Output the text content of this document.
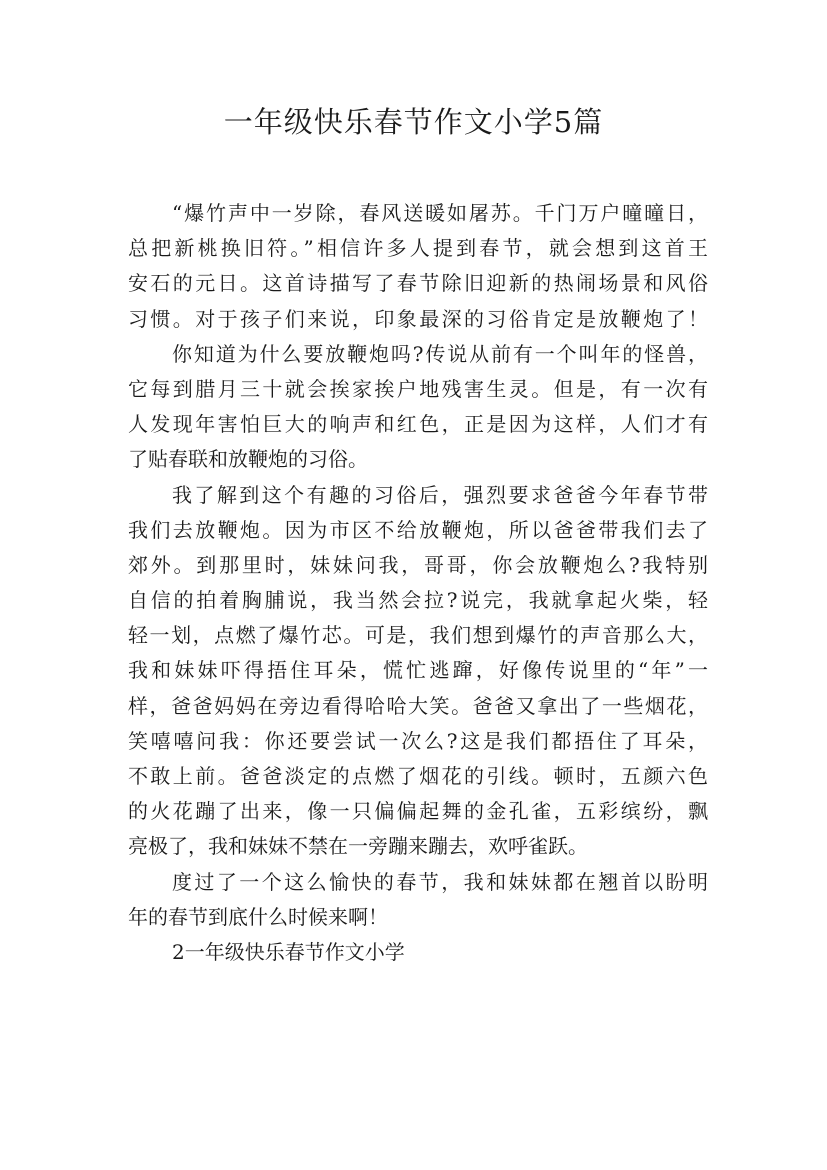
一年级快乐春节作文小学5篇
“爆竹声中一岁除，春风送暖如屠苏。千门万户曈曈日，
总把新桃换旧符。”相信许多人提到春节，就会想到这首王
安石的元日。这首诗描写了春节除旧迎新的热闹场景和风俗
习惯。对于孩子们来说，印象最深的习俗肯定是放鞭炮了！
你知道为什么要放鞭炮吗?传说从前有一个叫年的怪兽，
它每到腊月三十就会挨家挨户地残害生灵。但是，有一次有
人发现年害怕巨大的响声和红色，正是因为这样，人们才有
了贴春联和放鞭炮的习俗。
我了解到这个有趣的习俗后，强烈要求爸爸今年春节带
我们去放鞭炮。因为市区不给放鞭炮，所以爸爸带我们去了
郊外。到那里时，妹妹问我，哥哥，你会放鞭炮么?我特别
自信的拍着胸脯说，我当然会拉?说完，我就拿起火柴，轻
轻一划，点燃了爆竹芯。可是，我们想到爆竹的声音那么大，
我和妹妹吓得捂住耳朵，慌忙逃蹿，好像传说里的“年”一
样，爸爸妈妈在旁边看得哈哈大笑。爸爸又拿出了一些烟花，
笑嘻嘻问我：你还要尝试一次么?这是我们都捂住了耳朵，
不敢上前。爸爸淡定的点燃了烟花的引线。顿时，五颜六色
的火花蹦了出来，像一只偏偏起舞的金孔雀，五彩缤纷，飘
亮极了，我和妹妹不禁在一旁蹦来蹦去，欢呼雀跃。
度过了一个这么愉快的春节，我和妹妹都在翘首以盼明
年的春节到底什么时候来啊！
2一年级快乐春节作文小学
